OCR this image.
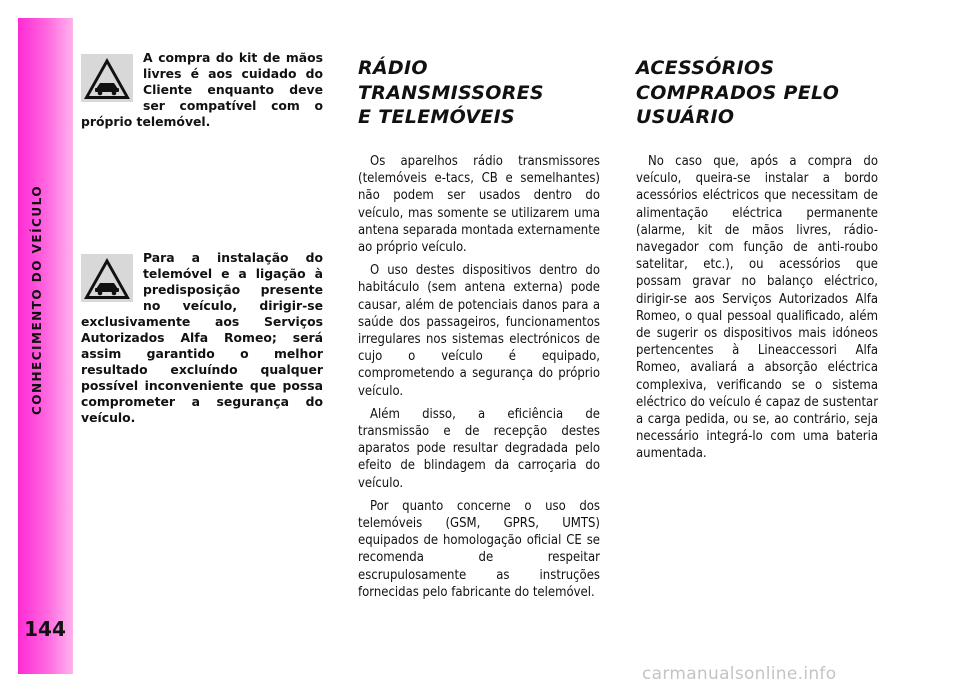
CONHECIMENTO DO VEÍCULO
144
A compra do kit de mãos livres é aos cuidado do Cliente enquanto deve ser compatível com o próprio telemóvel.
Para a instalação do telemóvel e a ligação à predisposição presente no veículo, dirigir-se exclusivamente aos Serviços Autorizados Alfa Romeo; será assim garantido o melhor resultado excluíndo qualquer possível inconveniente que possa comprometer a segurança do veículo.
RÁDIO
TRANSMISSORES
E TELEMÓVEIS

Os aparelhos rádio transmissores (telemóveis e-tacs, CB e semelhantes) não podem ser usados dentro do veículo, mas somente se utilizarem uma antena separada montada externamente ao próprio veículo.

O uso destes dispositivos dentro do habitáculo (sem antena externa) pode causar, além de potenciais danos para a saúde dos passageiros, funcionamentos irregulares nos sistemas electrónicos de cujo o veículo é equipado, comprometendo a segurança do próprio veículo.

Além disso, a eficiência de transmissão e de recepção destes aparatos pode resultar degradada pelo efeito de blindagem da carroçaria do veículo.

Por quanto concerne o uso dos telemóveis (GSM, GPRS, UMTS) equipados de homologação oficial CE se recomenda de respeitar escrupulosamente as instruções fornecidas pelo fabricante do telemóvel.

ACESSÓRIOS
COMPRADOS PELO
USUÁRIO

No caso que, após a compra do veículo, queira-se instalar a bordo acessórios eléctricos que necessitam de alimentação eléctrica permanente (alarme, kit de mãos livres, rádio-navegador com função de anti-roubo satelitar, etc.), ou acessórios que possam gravar no balanço eléctrico, dirigir-se aos Serviços Autorizados Alfa Romeo, o qual pessoal qualificado, além de sugerir os dispositivos mais idóneos pertencentes à Lineaccessori Alfa Romeo, avaliará a absorção eléctrica complexiva, verificando se o sistema eléctrico do veículo é capaz de sustentar a carga pedida, ou se, ao contrário, seja necessário integrá-lo com uma bateria aumentada.

carmanualsonline.info
